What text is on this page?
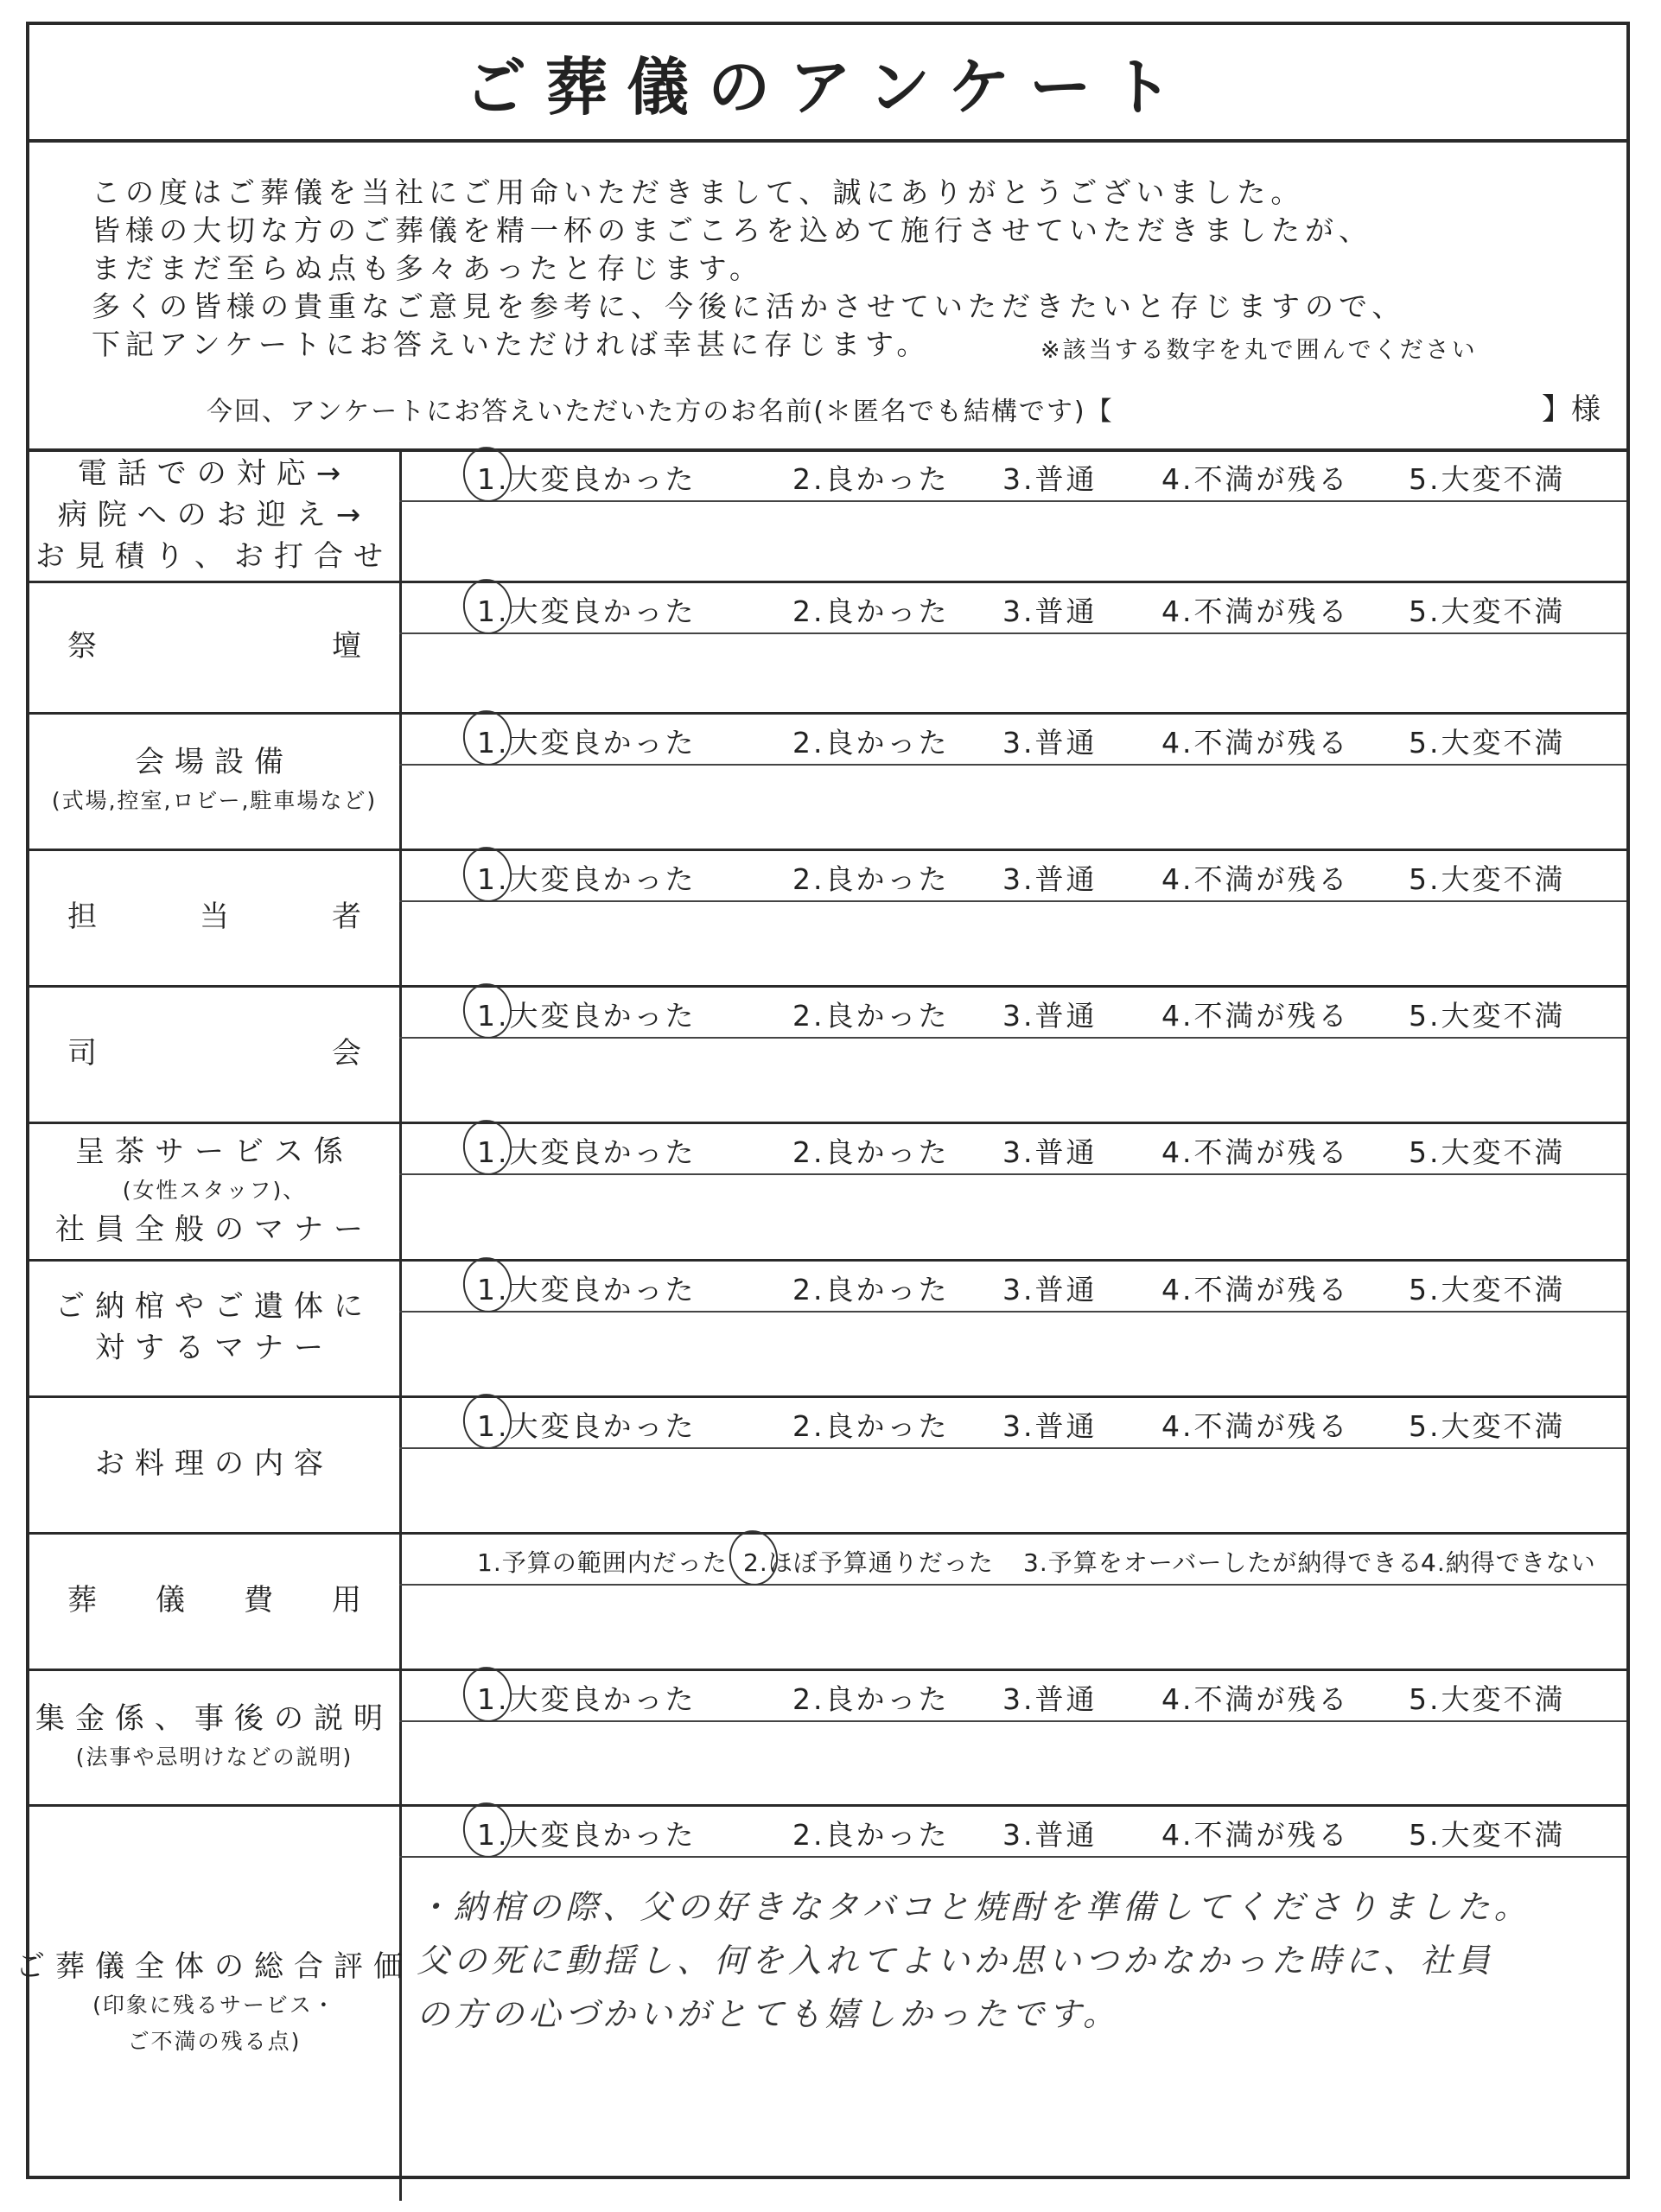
ご葬儀のアンケート
この度はご葬儀を当社にご用命いただきまして、誠にありがとうございました。
皆様の大切な方のご葬儀を精一杯のまごころを込めて施行させていただきましたが、
まだまだ至らぬ点も多々あったと存じます。
多くの皆様の貴重なご意見を参考に、今後に活かさせていただきたいと存じますので、
下記アンケートにお答えいただければ幸甚に存じます。	※該当する数字を丸で囲んでください
今回、アンケートにお答えいただいた方のお名前(＊匿名でも結構です)【	】様
電話での対応→
病院へのお迎え→
お見積り、お打合せ
1.大変良かった	2.良かった 3.普通 4.不満が残る 5.大変不満
祭	壇
1.大変良かった	2.良かった 3.普通 4.不満が残る 5.大変不満
会場設備
(式場,控室,ロビー,駐車場など)
1.大変良かった	2.良かった 3.普通 4.不満が残る 5.大変不満
担	当	者
1.大変良かった	2.良かった 3.普通 4.不満が残る 5.大変不満
司	会
1.大変良かった	2.良かった 3.普通 4.不満が残る 5.大変不満
呈茶サービス係
(女性スタッフ)、
社員全般のマナー
1.大変良かった	2.良かった 3.普通 4.不満が残る 5.大変不満
ご納棺やご遺体に
対するマナー
1.大変良かった	2.良かった 3.普通 4.不満が残る 5.大変不満
お料理の内容
1.大変良かった	2.良かった 3.普通 4.不満が残る 5.大変不満
葬 儀 費 用
1.予算の範囲内だった 2.ほぼ予算通りだった 3.予算をオーバーしたが納得できる
4.納得できない
集金係、事後の説明
(法事や忌明けなどの説明)
1.大変良かった	2.良かった 3.普通 4.不満が残る 5.大変不満
ご葬儀全体の総合評価
(印象に残るサービス・
ご不満の残る点)
1.大変良かった	2.良かった 3.普通 4.不満が残る 5.大変不満
・納棺の際、父の好きなタバコと焼酎を準備してくださりました。
父の死に動揺し、何を入れてよいか思いつかなかった時に、社員
の方の心づかいがとても嬉しかったです。
